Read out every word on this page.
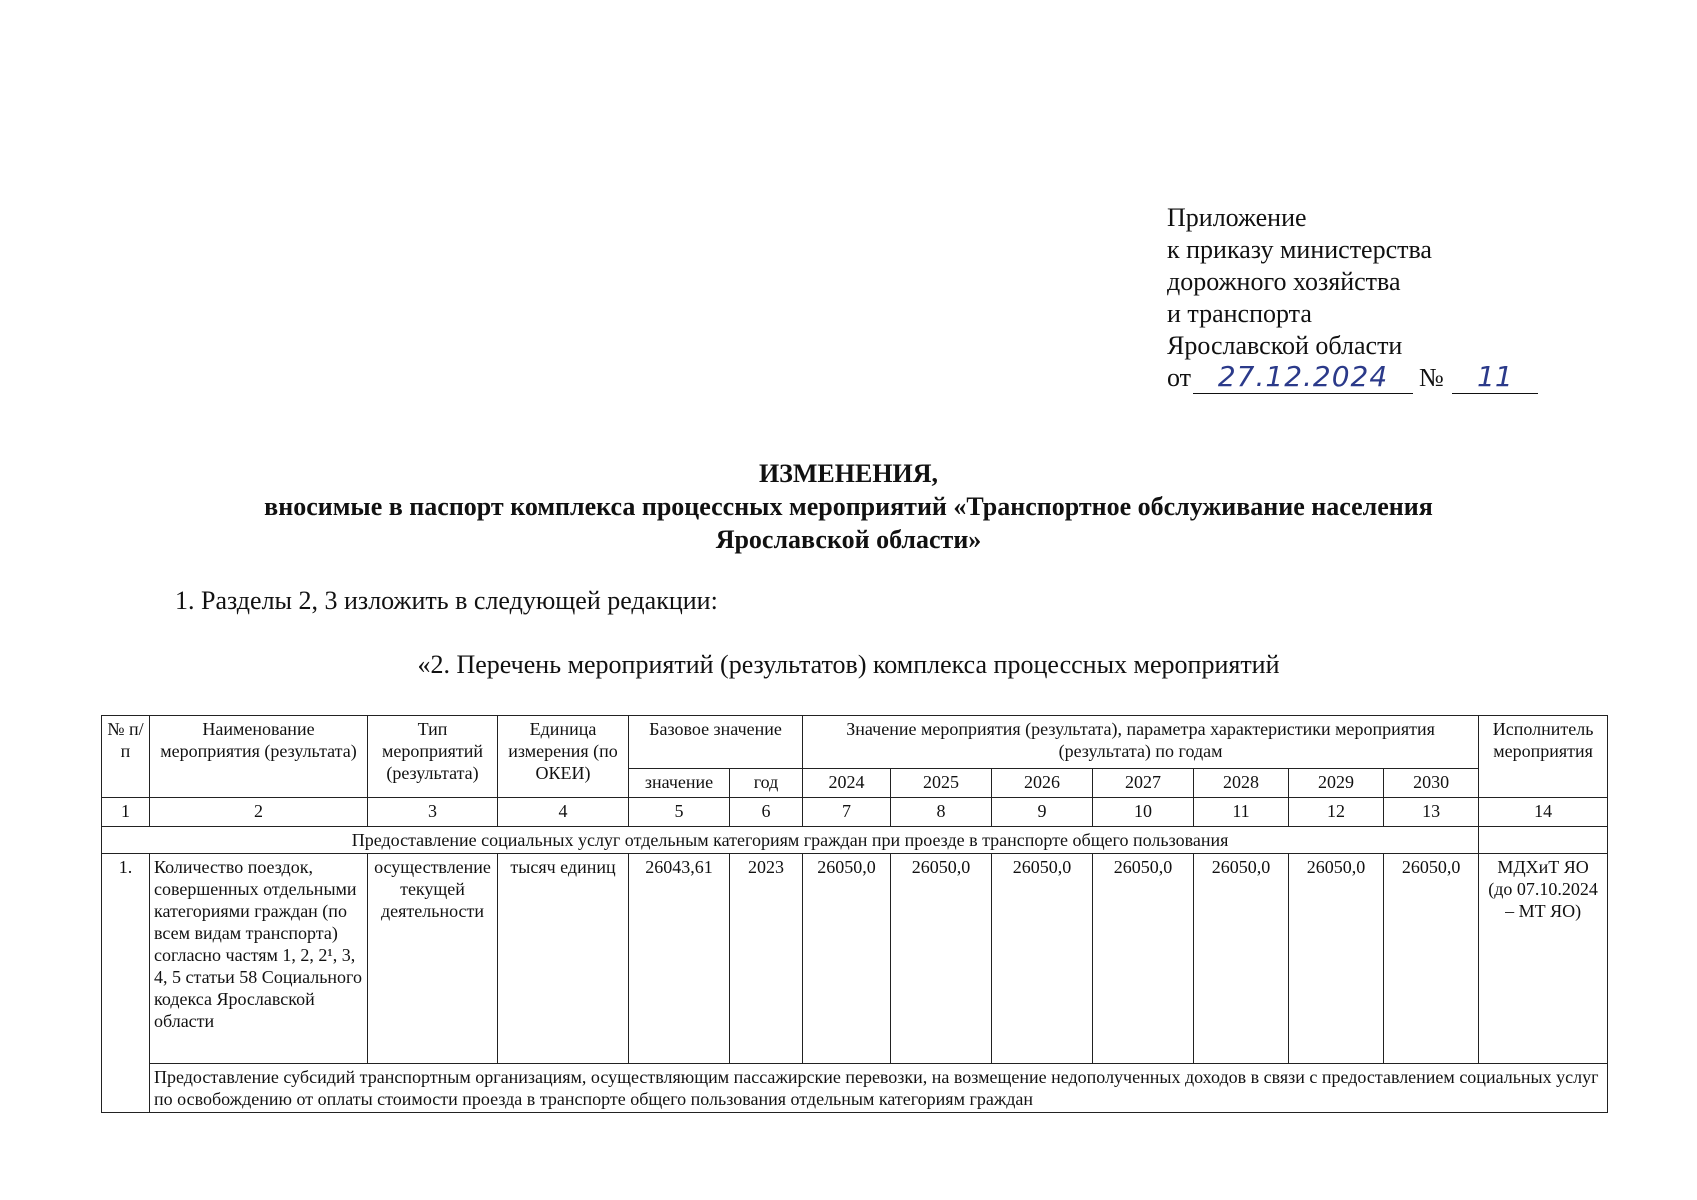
Приложение
к приказу министерства
дорожного хозяйства
и транспорта
Ярославской области
от 27.12.2024	№	11
ИЗМЕНЕНИЯ,
вносимые в паспорт комплекса процессных мероприятий «Транспортное обслуживание населения
Ярославской области»
1. Разделы 2, 3 изложить в следующей редакции:
«2. Перечень мероприятий (результатов) комплекса процессных мероприятий
№ п/п	Наименование мероприятия (результата)	Тип мероприятий (результата)	Единица измерения (по ОКЕИ)	Базовое значение		Значение мероприятия (результата), параметра характеристики мероприятия (результата) по годам							Исполнитель мероприятия
				значение	год	2024	2025	2026	2027	2028	2029	2030	
1	2	3	4	5	6	7	8	9	10	11	12	13	14
Предоставление социальных услуг отдельным категориям граждан при проезде в транспорте общего пользования													
1.	Количество поездок, совершенных отдельными категориями граждан (по всем видам транспорта) согласно частям 1, 2, 2¹, 3, 4, 5 статьи 58 Социального кодекса Ярославской области	осуществление текущей деятельности	тысяч единиц	26043,61	2023	26050,0	26050,0	26050,0	26050,0	26050,0	26050,0	26050,0	МДХиТ ЯО (до 07.10.2024 – МТ ЯО)
	Предоставление субсидий транспортным организациям, осуществляющим пассажирские перевозки, на возмещение недополученных доходов в связи с предоставлением социальных услуг по освобождению от оплаты стоимости проезда в транспорте общего пользования отдельным категориям граждан												
